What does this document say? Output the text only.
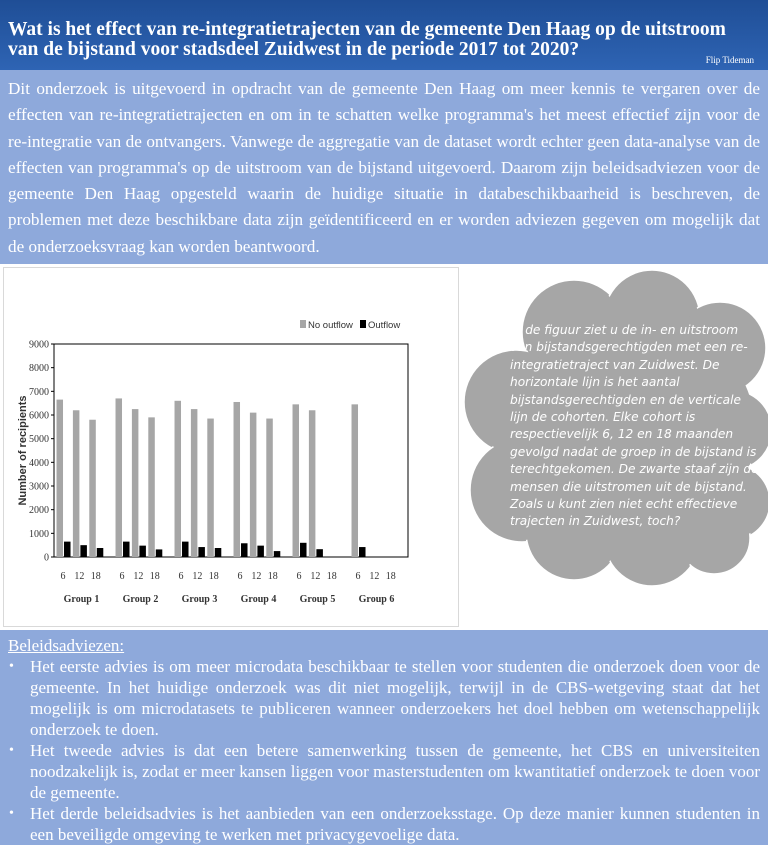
Wat is het effect van re-integratietrajecten van de gemeente Den Haag op de uitstroom van de bijstand voor stadsdeel Zuidwest in de periode 2017 tot 2020?	Flip Tideman

Dit onderzoek is uitgevoerd in opdracht van de gemeente Den Haag om meer kennis te vergaren over de effecten van re-integratietrajecten en om in te schatten welke programma's het meest effectief zijn voor de re-integratie van de ontvangers. Vanwege de aggregatie van de dataset wordt echter geen data-analyse van de effecten van programma's op de uitstroom van de bijstand uitgevoerd. Daarom zijn beleidsadviezen voor de gemeente Den Haag opgesteld waarin de huidige situatie in databeschikbaarheid is beschreven, de problemen met deze beschikbare data zijn geïdentificeerd en er worden adviezen gegeven om mogelijk dat de onderzoeksvraag kan worden beantwoord.

0
1000
2000
3000
4000
5000
6000
7000
8000
9000
Number of recipients
6 12 18
Group 1
6 12 18
Group 2
6 12 18
Group 3
6 12 18
Group 4
6 12 18
Group 5
6 12 18
Group 6
No outflow Outflow	In de figuur ziet u de in- en uitstroom van bijstandsgerechtigden met een re-integratietraject van Zuidwest. De horizontale lijn is het aantal bijstandsgerechtigden en de verticale lijn de cohorten. Elke cohort is respectievelijk 6, 12 en 18 maanden gevolgd nadat de groep in de bijstand is terechtgekomen. De zwarte staaf zijn de mensen die uitstromen uit de bijstand. Zoals u kunt zien niet echt effectieve trajecten in Zuidwest, toch?
Beleidsadviezen:
• Het eerste advies is om meer microdata beschikbaar te stellen voor studenten die onderzoek doen voor de gemeente. In het huidige onderzoek was dit niet mogelijk, terwijl in de CBS-wetgeving staat dat het mogelijk is om microdatasets te publiceren wanneer onderzoekers het doel hebben om wetenschappelijk onderzoek te doen.
• Het tweede advies is dat een betere samenwerking tussen de gemeente, het CBS en universiteiten noodzakelijk is, zodat er meer kansen liggen voor masterstudenten om kwantitatief onderzoek te doen voor de gemeente.
• Het derde beleidsadvies is het aanbieden van een onderzoeksstage. Op deze manier kunnen studenten in een beveiligde omgeving te werken met privacygevoelige data.
